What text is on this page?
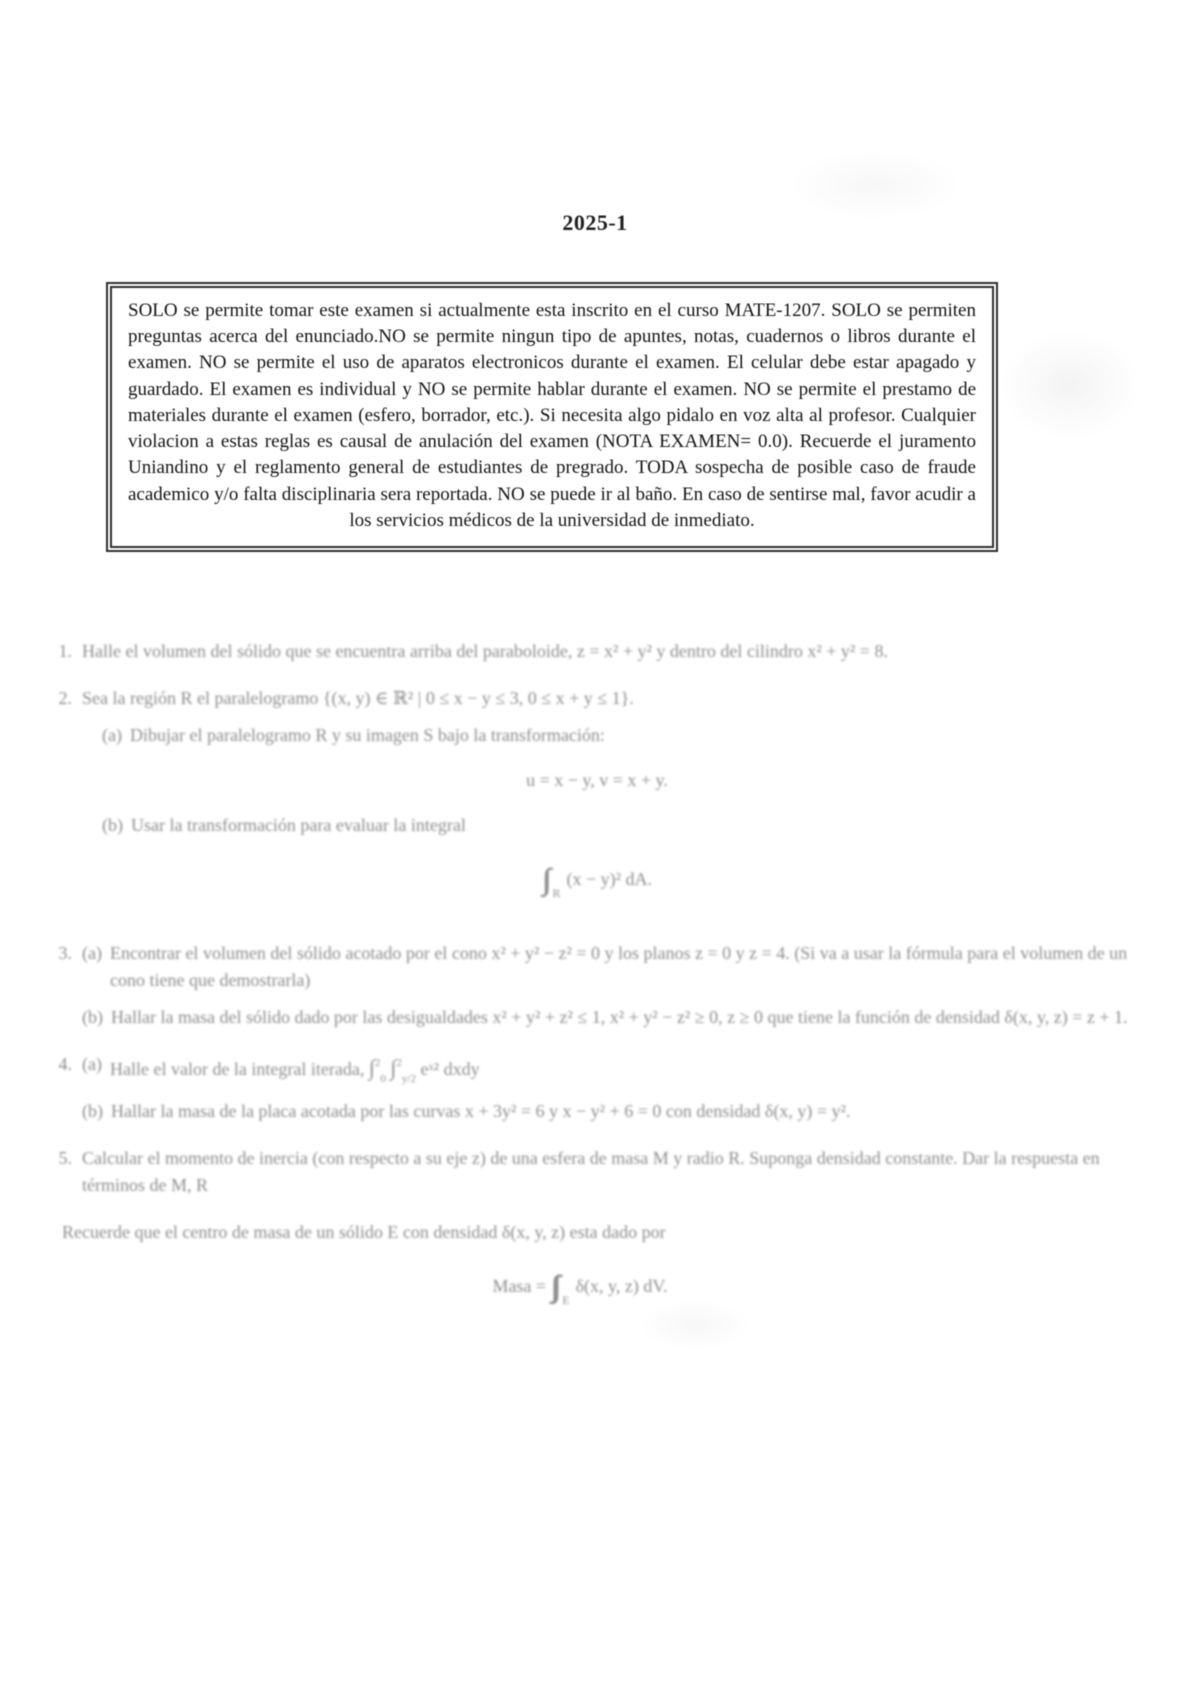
2025-1
SOLO se permite tomar este examen si actualmente esta inscrito en el curso MATE-1207. SOLO se permiten preguntas acerca del enunciado.NO se permite ningun tipo de apuntes, notas, cuadernos o libros durante el examen. NO se permite el uso de aparatos electronicos durante el examen. El celular debe estar apagado y guardado. El examen es individual y NO se permite hablar durante el examen. NO se permite el prestamo de materiales durante el examen (esfero, borrador, etc.). Si necesita algo pidalo en voz alta al profesor. Cualquier violacion a estas reglas es causal de anulación del examen (NOTA EXAMEN= 0.0). Recuerde el juramento Uniandino y el reglamento general de estudiantes de pregrado. TODA sospecha de posible caso de fraude academico y/o falta disciplinaria sera reportada. NO se puede ir al baño. En caso de sentirse mal, favor acudir a los servicios médicos de la universidad de inmediato.
1. Halle el volumen del sólido que se encuentra arriba del paraboloide, z = x² + y² y dentro del cilindro x² + y² = 8.
2. Sea la región R el paralelogramo {(x, y) ∈ ℝ² | 0 ≤ x − y ≤ 3, 0 ≤ x + y ≤ 1}.
(a) Dibujar el paralelogramo R y su imagen S bajo la transformación:
u = x − y, v = x + y.
(b) Usar la transformación para evaluar la integral
∫∫ $_R$(x − y)² dA.
3. (a) Encontrar el volumen del sólido acotado por el cono x² + y² − z² = 0 y los planos z = 0 y z = 4. (Si va a usar la fórmula para el volumen de un cono tiene que demostrarla)
(b) Hallar la masa del sólido dado por las desigualdades x² + y² + z² ≤ 1, x² + y² − z² ≥ 0, z ≥ 0 que tiene la función de densidad δ(x, y, z) = z + 1.
4. (a) Halle el valor de la integral iterada, ∫$^2_0$ ∫$^2_{y/2}$ eˣ² dxdy
(b) Hallar la masa de la placa acotada por las curvas x + 3y² = 6 y x − y² + 6 = 0 con densidad δ(x, y) = y².
5. Calcular el momento de inercia (con respecto a su eje z) de una esfera de masa M y radio R. Suponga densidad constante. Dar la respuesta en términos de M, R
Recuerde que el centro de masa de un sólido E con densidad δ(x, y, z) esta dado por
Masa = ∫∫∫ $_E$δ(x, y, z) dV.
